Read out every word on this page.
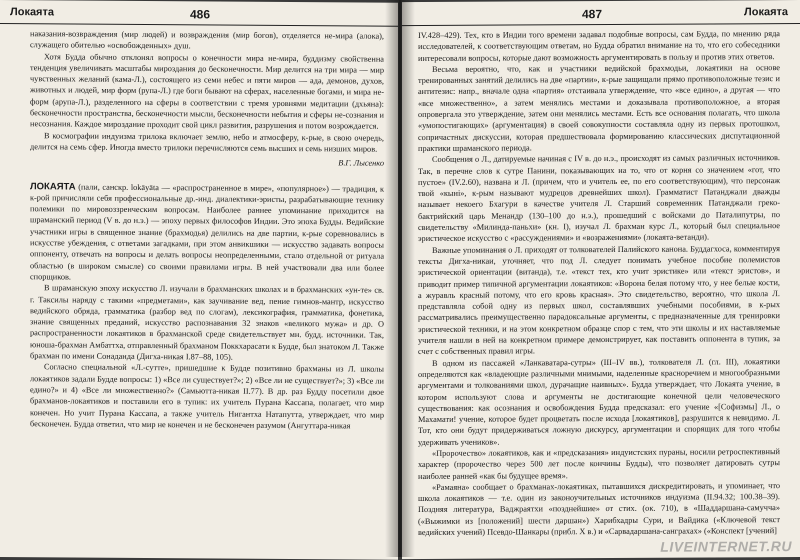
Локаята	486

наказания-возвраждения (мир людей) и возвраждения (мир богов), отделяется не-мира (алока), служащего обителью «освобожденных» душ.

Хотя Будда обычно отклонял вопросы о конечности мира не-мира, буддизму свойственна тенденция увеличивать масштабы мироздания до бесконечности. Мир делится на три мира — мир чувственных желаний (кама-Л.), состоящего из семи небес и пяти миров — ада, демонов, духов, животных и людей, мир форм (рупа-Л.) где боги бывают на сферах, населенные богами, и мира не-форм (арупа-Л.), разделенного на сферы в соответствии с тремя уровнями медитации (дхьяна): бесконечности пространства, бесконечности мысли, бесконечности небытия и сферы не-сознания и несознания. Каждое мироздание проходит свой цикл развития, разрушения и потом возрождается.

В космографии индуизма трилока включает землю, небо и атмосферу, к-рые, в свою очередь, делится на семь сфер. Иногда вместо трилоки перечисляются семь высших и семь низших миров.

В.Г. Лысенко

ЛОКАЯТА (пали, санскр. lokāyāta — «распространенное в мире», «популярное») — традиция, к к-рой причисляли себя профессиональные др.-инд. диалектики-эристы, разрабатывающие технику полемики по мировоззренческим вопросам. Наиболее раннее упоминание приходится на шраманский период (V в. до н.э.) — эпоху первых философов Индии. Это эпоха Будды. Ведийские участники игры в священное знание (брахмодья) делились на две партии, к-рые соревновались в искусстве убеждения, с ответами загадками, при этом анвикшики — искусство задавать вопросы оппоненту, отвечать на вопросы и делать вопросы неопределенными, стало отдельной от ритуала областью (в широком смысле) со своими правилами игры. В ней участвовали два или более спорщиков.

В шраманскую эпоху искусство Л. изучали в брахманских школах и в брахманских «ун-те» св. г. Таксилы наряду с такими «предметами», как заучивание вед, пение гимнов-мантр, искусство ведийского обряда, грамматика (разбор вед по слогам), лексикография, грамматика, фонетика, знание священных преданий, искусство распознавания 32 знаков «великого мужа» и др. О распространенности локаятиков в брахманской среде свидетельствует мн. будд. источники. Так, юноша-брахман Амбаттха, отправленный брахманом Поккхарасати к Будде, был знатоком Л. Также брахман по имени Сонаданда (Дигха-никая I.87–88, 105).

Согласно специальной «Л.-сутте», пришедшие к Будде позитивно брахманы из Л. школы локаятиков задали Будде вопросы: 1) «Все ли существует?»; 2) «Все ли не существует?»; 3) «Все ли едино?» и 4) «Все ли множественно?» (Самьютта-никая II.77). В др. раз Будду посетили двое брахманов-локаятиков и поставили его в тупик: их учитель Пурана Кассапа, полагает, что мир конечен. Но учит Пурана Кассапа, а также учитель Нигантха Натапутта, утверждает, что мир бесконечен. Будда ответил, что мир не конечен и не бесконечен разумом (Ангуттара-никая

487	Локаята

IV.428–429). Тех, кто в Индии того времени задавал подобные вопросы, сам Будда, по мнению ряда исследователей, к соответствующим ответам, но Будда обратил внимание на то, что его собеседники интересовали вопросы, которые дают возможность аргументировать в пользу и против этих ответов.

Весьма вероятно, что, как и участники ведийской брахмодьи, локаятики на основе тренированных занятий делились на две «партии», к-рые защищали прямо противоположные тезис и антитезис: напр., вначале одна «партия» отстаивала утверждение, что «все едино», а другая — что «все множественно», а затем менялись местами и доказывала противоположное, а вторая опровергала это утверждение, затем они менялись местами. Есть все основания полагать, что школа «умопостигающих» (аргументация) в своей совокупности составляла одну из первых протошкол, сопричастных дискуссии, которая предшествовала формированию классических диспутационной практики шраманского периода.

Сообщения о Л., датируемые начиная с IV в. до н.э., происходят из самых различных источников. Так, в перечне слов к сутре Панини, показывающих на то, что от корня со значением «гот, что пустое» (IV.2.60), названа и Л. (причем, что и учитель ее, по его соответствующим), что персонаж твой «кыні», к-рым называют мудрецов древнейших школ). Грамматист Патанджали дважды называет некоего Бхагури в качестве учителя Л. Старший современник Патанджали греко-бактрийский царь Менандр (130–100 до н.э.), прошедший с войсками до Паталипутры, по свидетельству «Милинда-паньхи» (кн. I), изучал Л. брахман курс Л., который был специальное эристическое искусство с «рассуждениями» и «возражениями» (локаята-ветанди).

Важные упоминания о Л. приходят от толкователей Палийского канона. Буддагхоса, комментируя тексты Дигха-никаи, уточняет, что под Л. следует понимать учебное пособие полемистов эристической ориентации (витанда), т.е. «текст тех, кто учит эристике» или «текст эристов», и приводит пример типичной аргументации локаятиков: «Ворона белая потому что, у нее белые кости, а журавль красный потому, что его кровь красная». Это свидетельство, вероятно, что школа Л. представляла собой одну из первых школ, составлявших учебными пособиями, в к-рых рассматривались преимущественно парадоксальные аргументы, с предназначенные для тренировки эристической техники, и на этом конкретном образце спор с тем, что эти школы и их наставляемые учителя нашли в ней на конкретном примере демонстрирует, как поставить оппонента в тупик, за счет с собственных правил игры.

В одном из пассажей «Ланкаватара-сутры» (III–IV вв.), толкователя Л. (гл. III), локаятики определяются как «владеющие различными мнимыми, наделенные красноречием и многообразными аргументами и толкованиями школ, дурачащие наивных». Будда утверждает, что Локаята учение, в котором используют слова и аргументы не достигающие конечной цели человеческого существования: как осознания и освобождения Будда предсказал: его учение «[Софизмы] Л., о Махамати! учение, которое будет процветать после исхода [локаятиков], разрушится к невидимо. Л. Тот, кто они будут придерживаться ложную дискурсу, аргументации и спорящих для того чтобы удерживать учеников».

«Пророчество» локаятиков, как и «предсказания» индуистских пураны, носили ретроспективный характер (пророчество через 500 лет после кончины Будды), что позволяет датировать сутры наиболее ранней «как бы будущее время».

«Рамаяна» сообщает о брахманах-локаятиках, пытавшихся дискредитировать, и упоминает, что школа локаятиков — т.е. один из законоучительных источников индуизма (II.94.32; 100.38–39). Поздняя литература, Ваджраятхи «позднейшие» от стих. (ок. 710), в «Шаддаршана-самучча» («Выжимки из [положений] шести даршан») Харибхадры Сури, и Вайдика («Ключевой текст ведийских учений) Псевдо-Шанкары (прибл. X в.) и «Сарвадаршана-санграхах» («Конспект [учений]

LIVEINTERNET.RU
